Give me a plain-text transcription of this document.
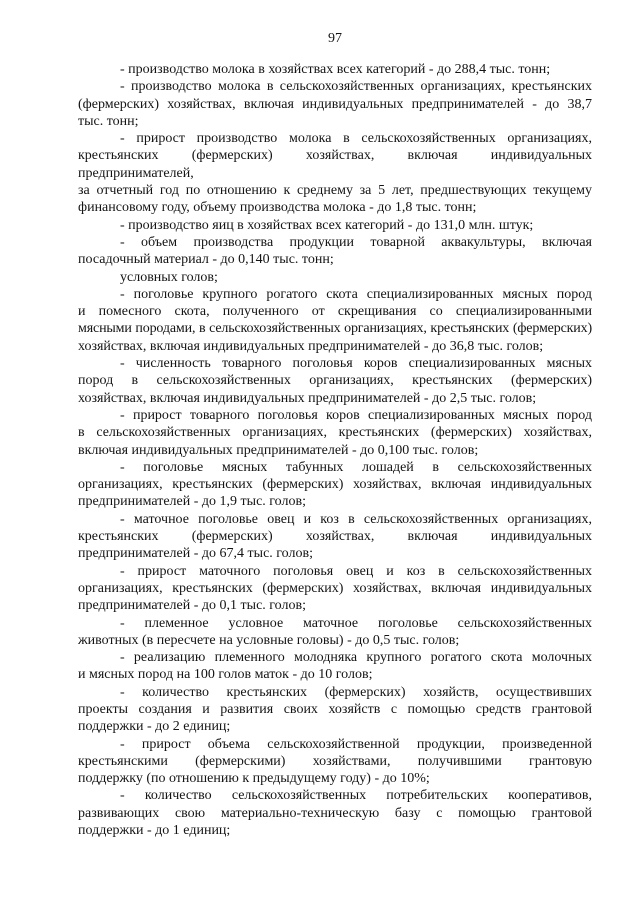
97
- производство молока в хозяйствах всех категорий - до 288,4 тыс. тонн;
- производство молока в сельскохозяйственных организациях, крестьянских
(фермерских) хозяйствах, включая индивидуальных предпринимателей - до 38,7
тыс. тонн;
- прирост производство молока в сельскохозяйственных организациях,
крестьянских (фермерских) хозяйствах, включая индивидуальных предпринимателей,
за отчетный год по отношению к среднему за 5 лет, предшествующих текущему
финансовому году, объему производства молока - до 1,8 тыс. тонн;
- производство яиц в хозяйствах всех категорий - до 131,0 млн. штук;
- объем производства продукции товарной аквакультуры, включая
посадочный материал - до 0,140 тыс. тонн;
условных голов;
- поголовье крупного рогатого скота специализированных мясных пород
и помесного скота, полученного от скрещивания со специализированными
мясными породами, в сельскохозяйственных организациях, крестьянских (фермерских)
хозяйствах, включая индивидуальных предпринимателей - до 36,8 тыс. голов;
- численность товарного поголовья коров специализированных мясных
пород в сельскохозяйственных организациях, крестьянских (фермерских)
хозяйствах, включая индивидуальных предпринимателей - до 2,5 тыс. голов;
- прирост товарного поголовья коров специализированных мясных пород
в сельскохозяйственных организациях, крестьянских (фермерских) хозяйствах,
включая индивидуальных предпринимателей - до 0,100 тыс. голов;
- поголовье мясных табунных лошадей в сельскохозяйственных
организациях, крестьянских (фермерских) хозяйствах, включая индивидуальных
предпринимателей - до 1,9 тыс. голов;
- маточное поголовье овец и коз в сельскохозяйственных организациях,
крестьянских (фермерских) хозяйствах, включая индивидуальных
предпринимателей - до 67,4 тыс. голов;
- прирост маточного поголовья овец и коз в сельскохозяйственных
организациях, крестьянских (фермерских) хозяйствах, включая индивидуальных
предпринимателей - до 0,1 тыс. голов;
- племенное условное маточное поголовье сельскохозяйственных
животных (в пересчете на условные головы) - до 0,5 тыс. голов;
- реализацию племенного молодняка крупного рогатого скота молочных
и мясных пород на 100 голов маток - до 10 голов;
- количество крестьянских (фермерских) хозяйств, осуществивших
проекты создания и развития своих хозяйств с помощью средств грантовой
поддержки - до 2 единиц;
- прирост объема сельскохозяйственной продукции, произведенной
крестьянскими (фермерскими) хозяйствами, получившими грантовую
поддержку (по отношению к предыдущему году) - до 10%;
- количество сельскохозяйственных потребительских кооперативов,
развивающих свою материально-техническую базу с помощью грантовой
поддержки - до 1 единиц;
